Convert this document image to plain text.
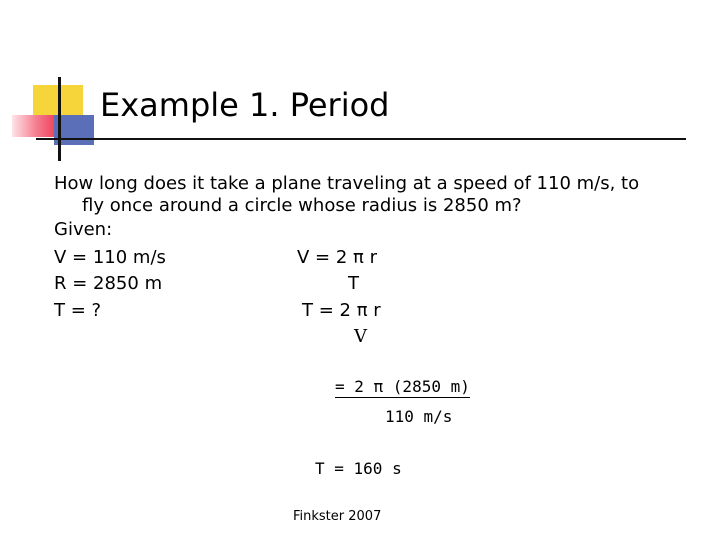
Example 1. Period
How long does it take a plane traveling at a speed of 110 m/s, to
fly once around a circle whose radius is 2850 m?
Given:
V = 110 m/s
R = 2850 m
T = ?
V = 2 π r
T
T = 2 π r
V
= 2 π (2850 m)
110 m/s
T = 160 s
Finkster 2007
